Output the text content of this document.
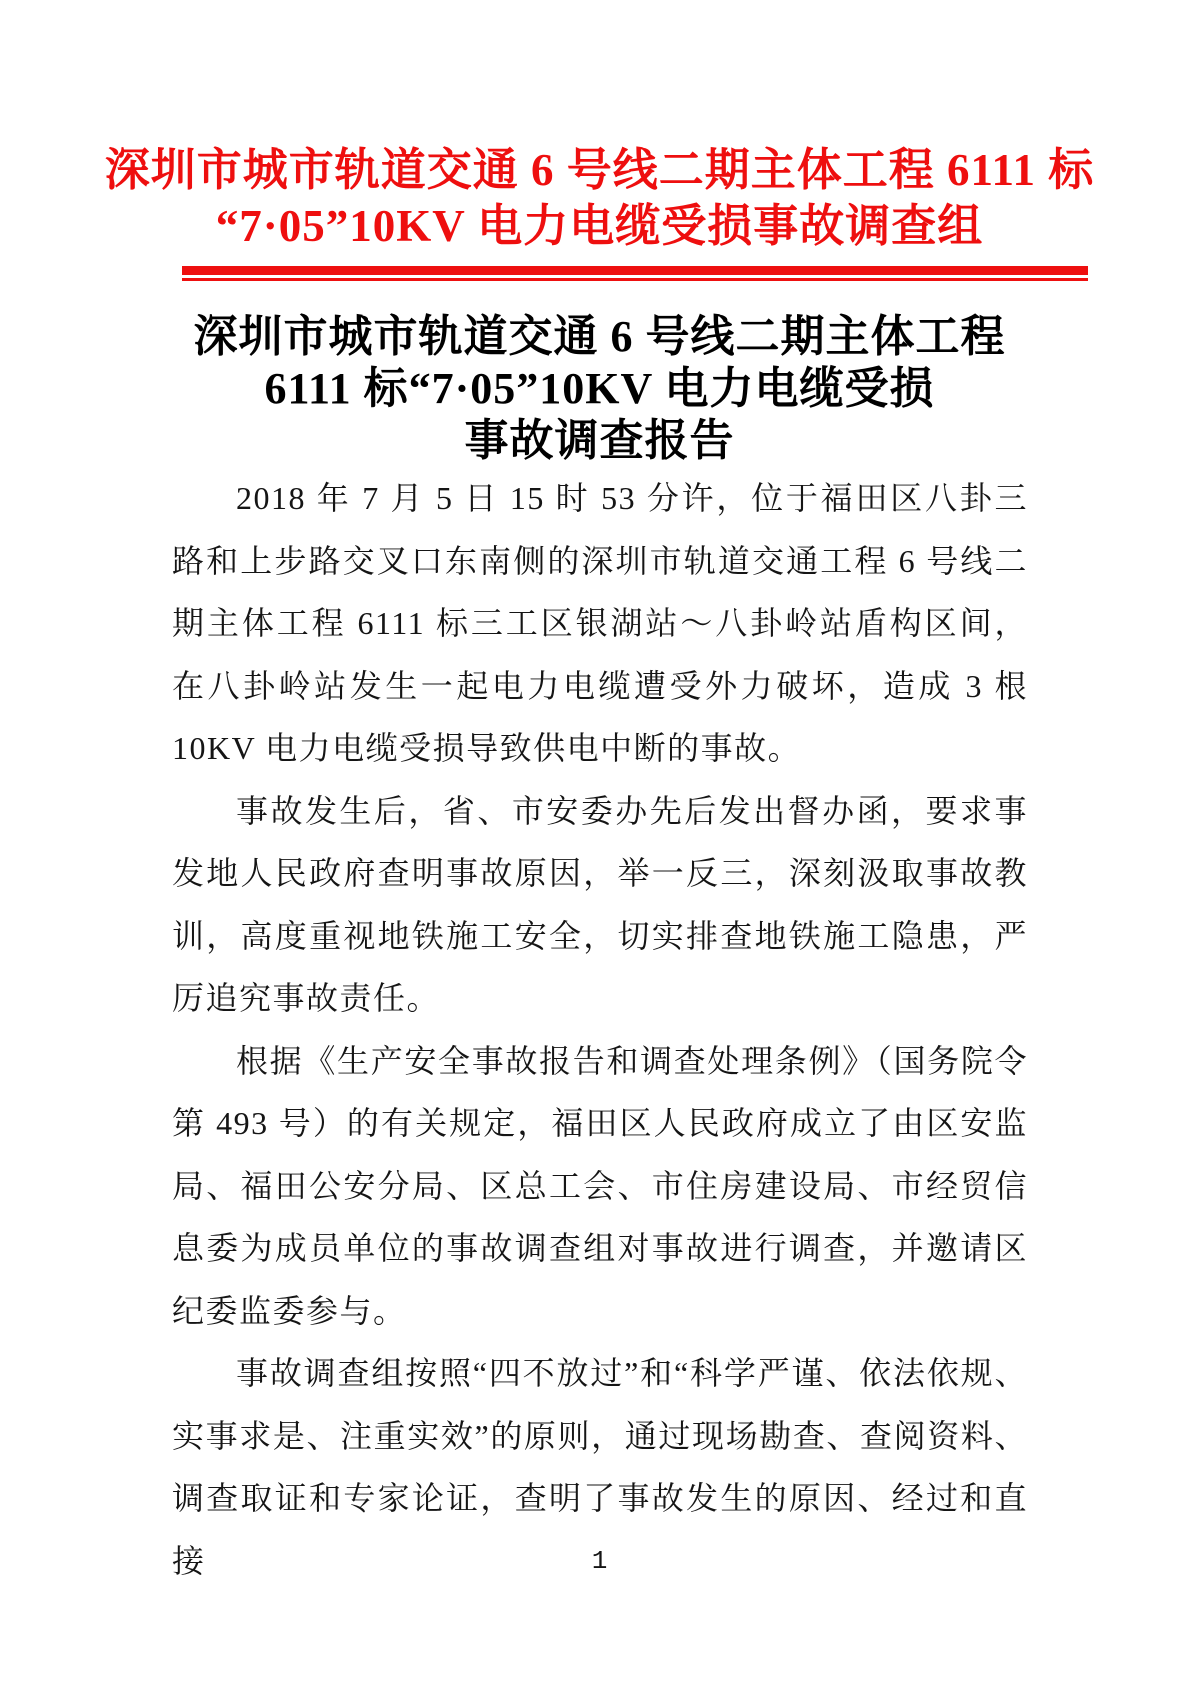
深圳市城市轨道交通 6 号线二期主体工程 6111 标
“7·05”10KV 电力电缆受损事故调查组
深圳市城市轨道交通 6 号线二期主体工程
6111 标“7·05”10KV 电力电缆受损
事故调查报告

2018 年 7 月 5 日 15 时 53 分许，位于福田区八卦三路和上步路交叉口东南侧的深圳市轨道交通工程 6 号线二期主体工程 6111 标三工区银湖站～八卦岭站盾构区间，在八卦岭站发生一起电力电缆遭受外力破坏，造成 3 根 10KV 电力电缆受损导致供电中断的事故。

事故发生后，省、市安委办先后发出督办函，要求事发地人民政府查明事故原因，举一反三，深刻汲取事故教训，高度重视地铁施工安全，切实排查地铁施工隐患，严厉追究事故责任。

根据《生产安全事故报告和调查处理条例》（国务院令第 493 号）的有关规定，福田区人民政府成立了由区安监局、福田公安分局、区总工会、市住房建设局、市经贸信息委为成员单位的事故调查组对事故进行调查，并邀请区纪委监委参与。

事故调查组按照“四不放过”和“科学严谨、依法依规、实事求是、注重实效”的原则，通过现场勘查、查阅资料、调查取证和专家论证，查明了事故发生的原因、经过和直接	1
